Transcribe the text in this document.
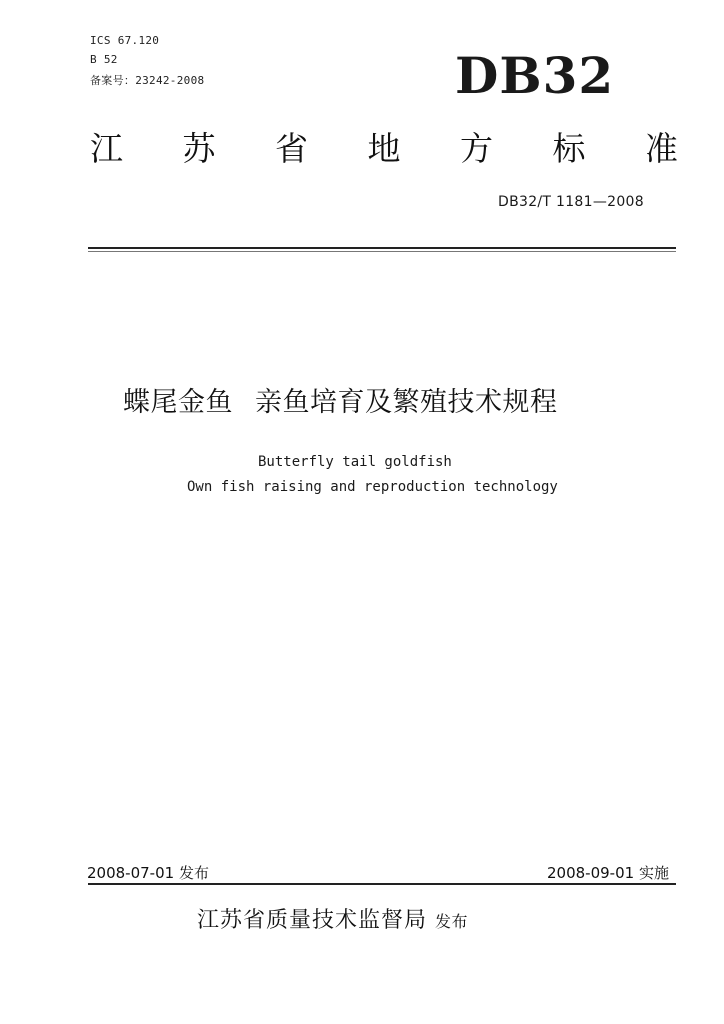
ICS 67.120
B 52
备案号：23242-2008	DB32
江 苏 省 地 方 标 准
DB32/T 1181—2008
蝶尾金鱼 亲鱼培育及繁殖技术规程
Butterfly tail goldfish
Own fish raising and reproduction technology
2008-07-01 发布	2008-09-01 实施
江苏省质量技术监督局 发布
